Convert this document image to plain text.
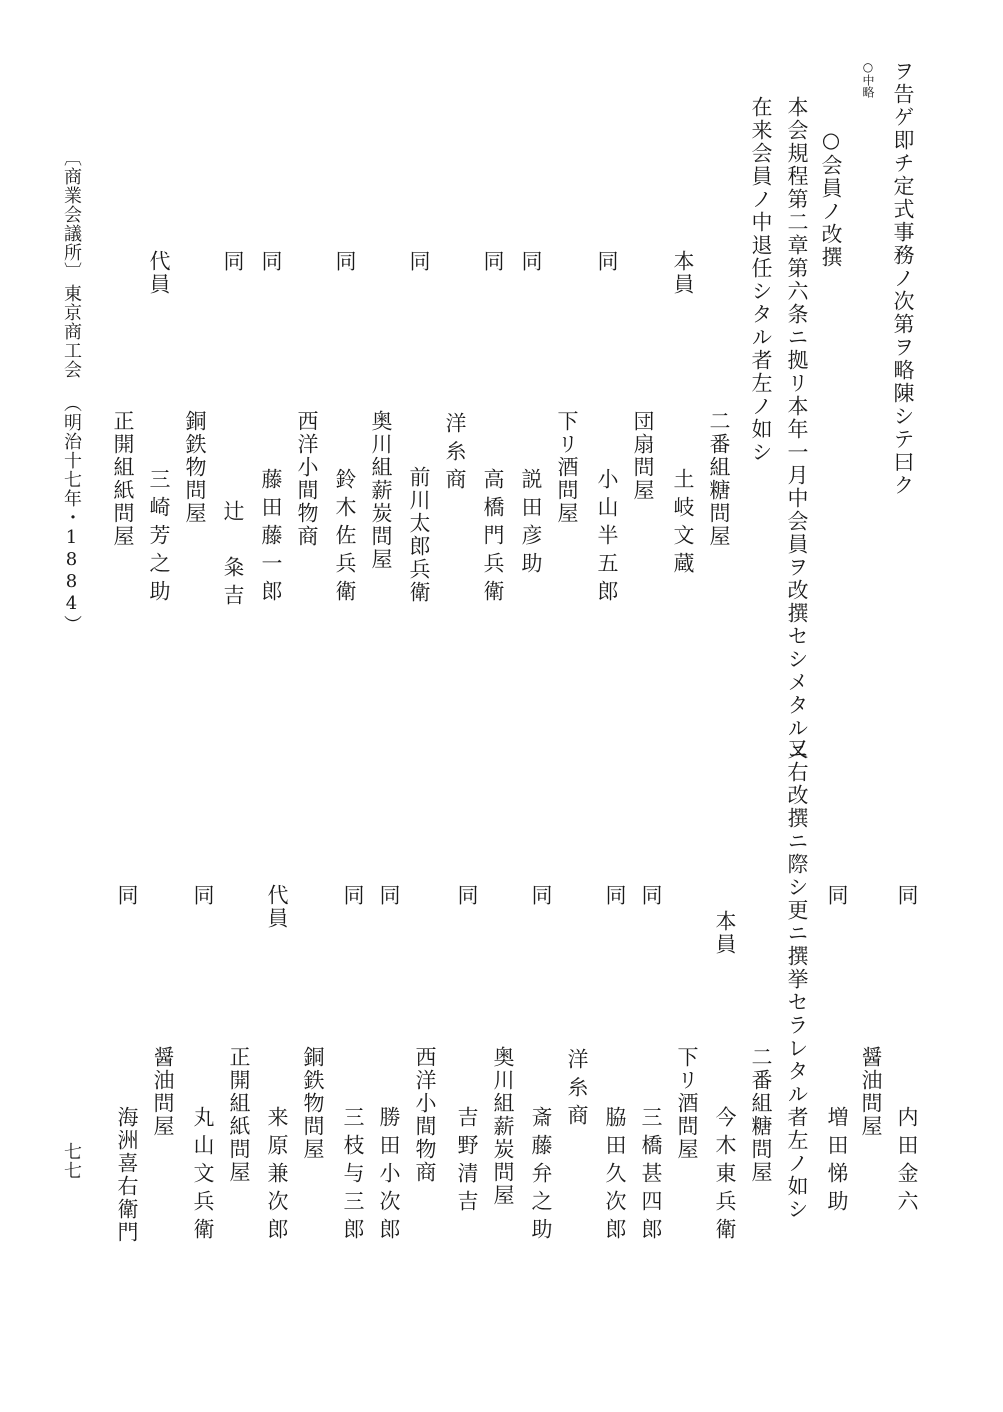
ヲ告ゲ即チ定式事務ノ次第ヲ略陳シテ曰ク
○中略
○会員ノ改撰
本会規程第二章第六条ニ拠リ本年一月中会員ヲ改撰セシメタルニ
在来会員ノ中退任シタル者左ノ如シ
又右改撰ニ際シ更ニ撰挙セラレタル者左ノ如シ
本員
二番組糖問屋
土岐文蔵
同
団扇問屋
小山半五郎
同
下リ酒問屋
説田彦助
同
高橋門兵衛
同
洋糸商
前川太郎兵衛
同
奥川組薪炭問屋
鈴木佐兵衛
同
西洋小間物商
藤田藤一郎
同
辻　粂吉
代員
銅鉄物問屋
三崎芳之助
正開組紙問屋
同
内田金六
同
醤油問屋
増田悌助
本員
二番組糖問屋
今木東兵衛
同
下リ酒問屋
三橋甚四郎
同
脇田久次郎
同
洋糸商
斎藤弁之助
同
奥川組薪炭問屋
吉野清吉
同
西洋小間物商
勝田小次郎
同
三枝与三郎
代員
銅鉄物問屋
来原兼次郎
同
正開組紙問屋
丸山文兵衛
同
醤油問屋
海洲喜右衛門
〔商業会議所〕
東京商工会
（明治十七年・1884）
七七
